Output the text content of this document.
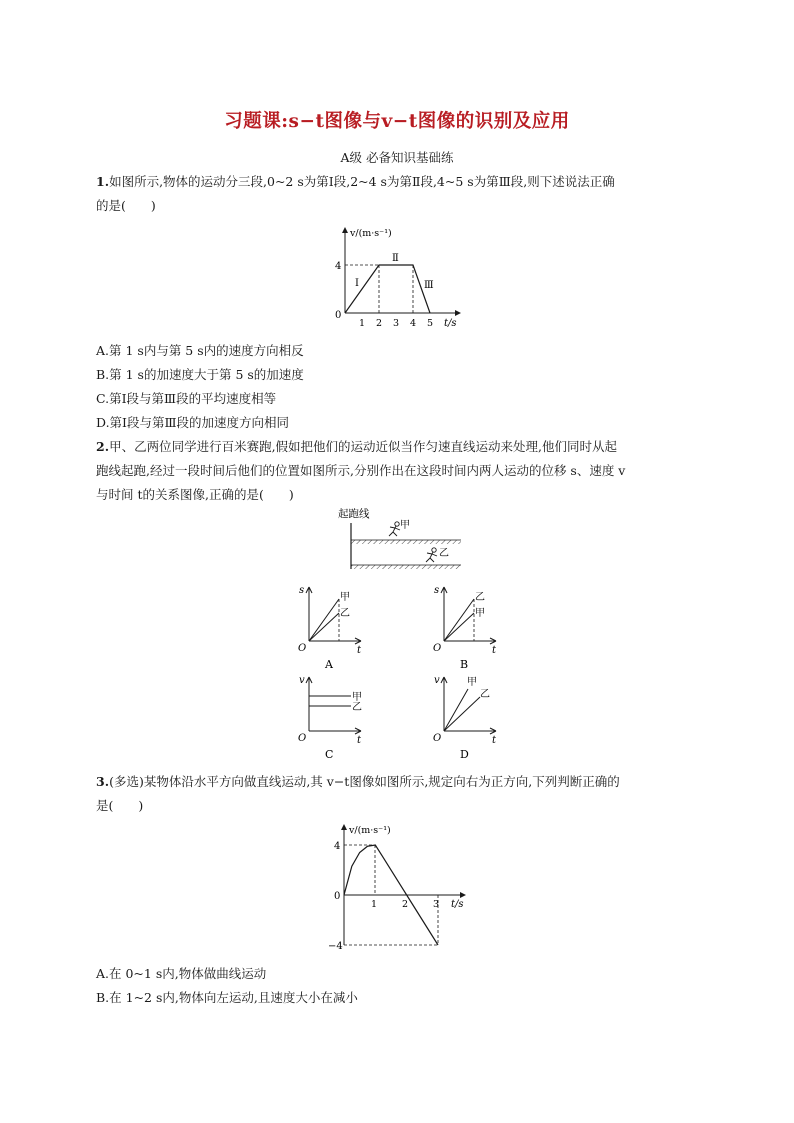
习题课:s−t图像与v−t图像的识别及应用
A级 必备知识基础练
1.如图所示,物体的运动分三段,0~2 s为第Ⅰ段,2~4 s为第Ⅱ段,4~5 s为第Ⅲ段,则下述说法正确
的是(　　)
v/(m·s⁻¹)
t/s
0
4
1 2 3 4 5
Ⅰ
Ⅱ
Ⅲ
A.第 1 s内与第 5 s内的速度方向相反
B.第 1 s的加速度大于第 5 s的加速度
C.第Ⅰ段与第Ⅲ段的平均速度相等
D.第Ⅰ段与第Ⅲ段的加速度方向相同
2.甲、乙两位同学进行百米赛跑,假如把他们的运动近似当作匀速直线运动来处理,他们同时从起
跑线起跑,经过一段时间后他们的位置如图所示,分别作出在这段时间内两人运动的位移 s、速度 v
与时间 t的关系图像,正确的是(　　)
起跑线
甲
乙
s
t
O
A
甲
乙
s
t
O
B
乙
甲
v
t
O
C
甲
乙
v
t
O
D
甲
乙
3.(多选)某物体沿水平方向做直线运动,其 v−t图像如图所示,规定向右为正方向,下列判断正确的
是(　　)
v/(m·s⁻¹)
t/s
0
4
−4
1	2	3
A.在 0~1 s内,物体做曲线运动
B.在 1~2 s内,物体向左运动,且速度大小在减小
